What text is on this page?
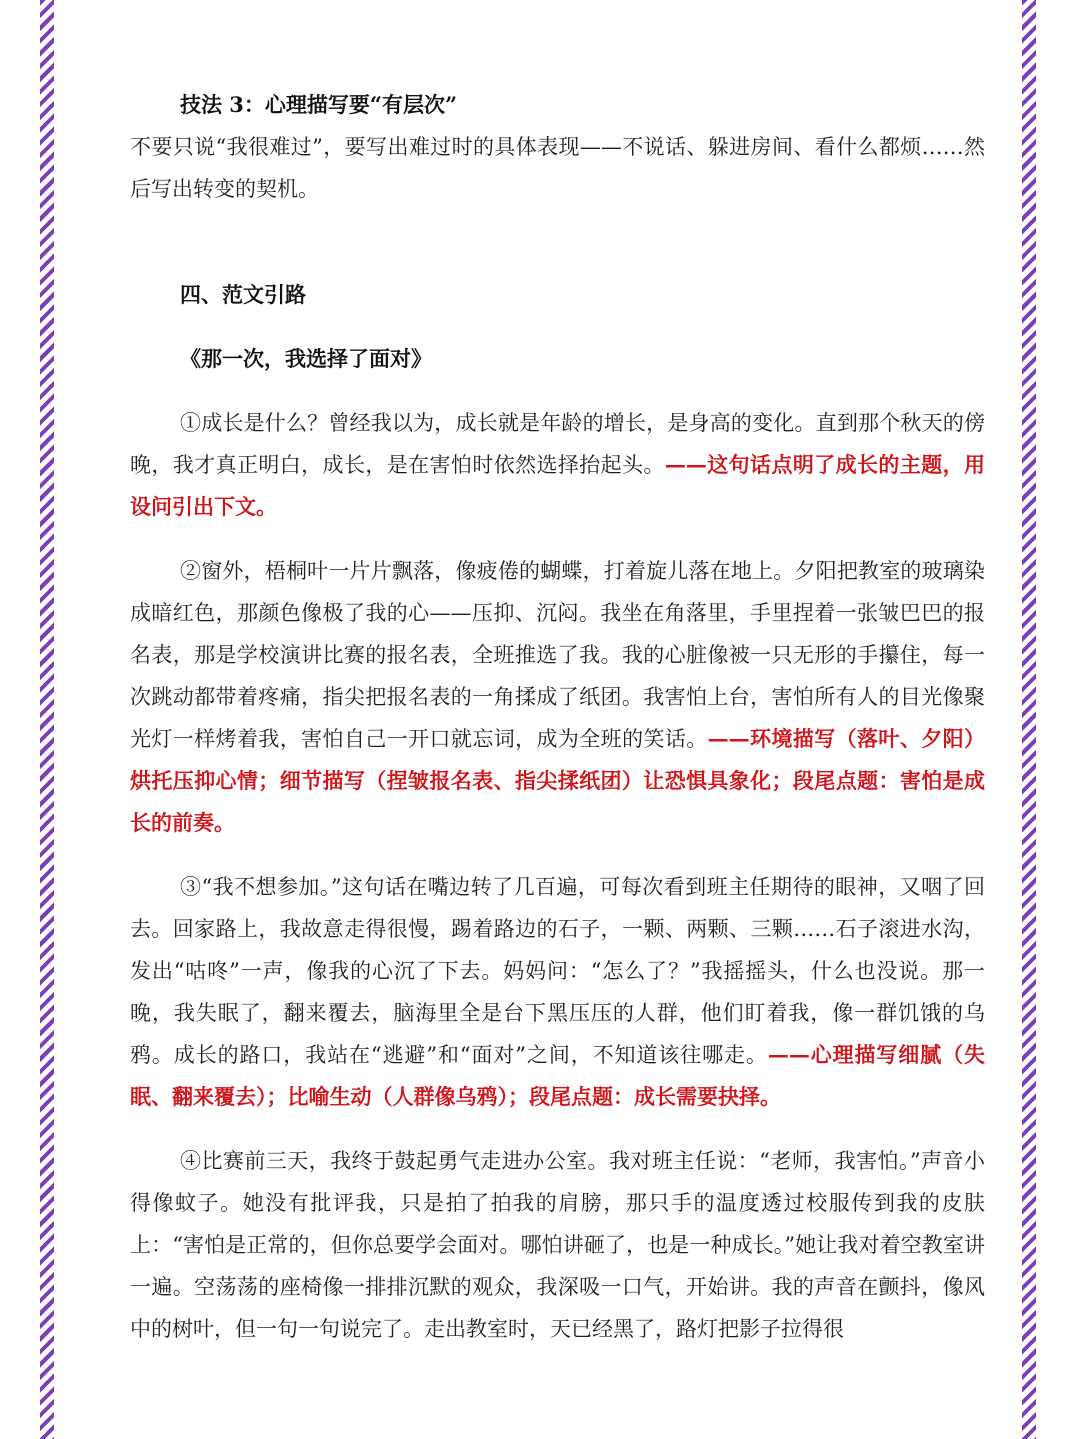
技法 3：心理描写要“有层次”

不要只说“我很难过”，要写出难过时的具体表现——不说话、躲进房间、看什么都烦……然后写出转变的契机。

四、范文引路

《那一次，我选择了面对》

①成长是什么？曾经我以为，成长就是年龄的增长，是身高的变化。直到那个秋天的傍晚，我才真正明白，成长，是在害怕时依然选择抬起头。——这句话点明了成长的主题，用设问引出下文。

②窗外，梧桐叶一片片飘落，像疲倦的蝴蝶，打着旋儿落在地上。夕阳把教室的玻璃染成暗红色，那颜色像极了我的心——压抑、沉闷。我坐在角落里，手里捏着一张皱巴巴的报名表，那是学校演讲比赛的报名表，全班推选了我。我的心脏像被一只无形的手攥住，每一次跳动都带着疼痛，指尖把报名表的一角揉成了纸团。我害怕上台，害怕所有人的目光像聚光灯一样烤着我，害怕自己一开口就忘词，成为全班的笑话。——环境描写（落叶、夕阳）烘托压抑心情；细节描写（捏皱报名表、指尖揉纸团）让恐惧具象化；段尾点题：害怕是成长的前奏。

③“我不想参加。”这句话在嘴边转了几百遍，可每次看到班主任期待的眼神，又咽了回去。回家路上，我故意走得很慢，踢着路边的石子，一颗、两颗、三颗……石子滚进水沟，发出“咕咚”一声，像我的心沉了下去。妈妈问：“怎么了？”我摇摇头，什么也没说。那一晚，我失眠了，翻来覆去，脑海里全是台下黑压压的人群，他们盯着我，像一群饥饿的乌鸦。成长的路口，我站在“逃避”和“面对”之间，不知道该往哪走。——心理描写细腻（失眠、翻来覆去）；比喻生动（人群像乌鸦）；段尾点题：成长需要抉择。

④比赛前三天，我终于鼓起勇气走进办公室。我对班主任说：“老师，我害怕。”声音小得像蚊子。她没有批评我，只是拍了拍我的肩膀，那只手的温度透过校服传到我的皮肤上：“害怕是正常的，但你总要学会面对。哪怕讲砸了，也是一种成长。”她让我对着空教室讲一遍。空荡荡的座椅像一排排沉默的观众，我深吸一口气，开始讲。我的声音在颤抖，像风中的树叶，但一句一句说完了。走出教室时，天已经黑了，路灯把影子拉得很
